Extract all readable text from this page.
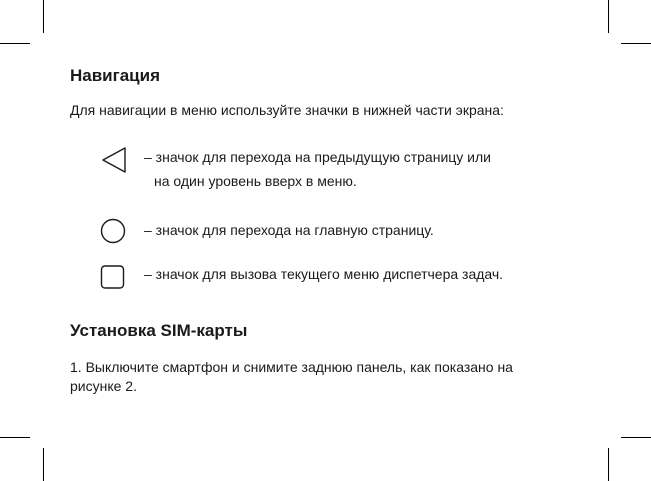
Навигация

Для навигации в меню используйте значки в нижней части экрана:

– значок для перехода на предыдущую страницу или
на один уровень вверх в меню.
– значок для перехода на главную страницу.
– значок для вызова текущего меню диспетчера задач.
Установка SIM-карты

1. Выключите смартфон и снимите заднюю панель, как показано на рисунке 2.
